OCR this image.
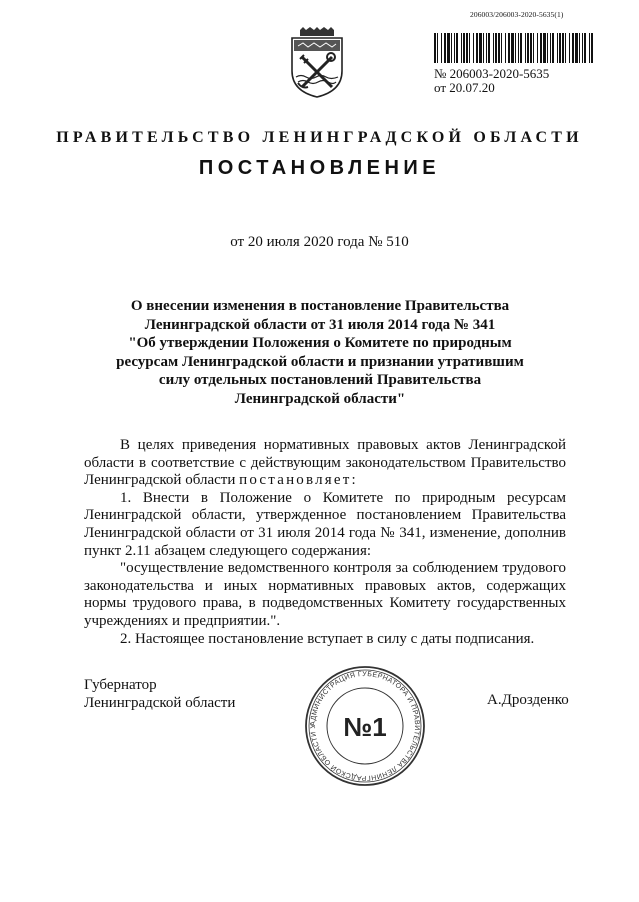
206003/206003-2020-5635(1)
№ 206003-2020-5635
от 20.07.20
ПРАВИТЕЛЬСТВО ЛЕНИНГРАДСКОЙ ОБЛАСТИ
ПОСТАНОВЛЕНИЕ
от 20 июля 2020 года № 510
О внесении изменения в постановление Правительства
Ленинградской области от 31 июля 2014 года № 341
"Об утверждении Положения о Комитете по природным
ресурсам Ленинградской области и признании утратившим
силу отдельных постановлений Правительства
Ленинградской области"

В целях приведения нормативных правовых актов Ленинградской области в соответствие с действующим законодательством Правительство Ленинградской области постановляет:

1. Внести в Положение о Комитете по природным ресурсам Ленинградской области, утвержденное постановлением Правительства Ленинградской области от 31 июля 2014 года № 341, изменение, дополнив пункт 2.11 абзацем следующего содержания:

"осуществление ведомственного контроля за соблюдением трудового законодательства и иных нормативных правовых актов, содержащих нормы трудового права, в подведомственных Комитету государственных учреждениях и предприятии.".

2. Настоящее постановление вступает в силу с даты подписания.

Губернатор
Ленинградской области
АДМИНИСТРАЦИЯ ГУБЕРНАТОРА И ПРАВИТЕЛЬСТВА ЛЕНИНГРАДСКОЙ ОБЛАСТИ У	№1
А.Дрозденко
